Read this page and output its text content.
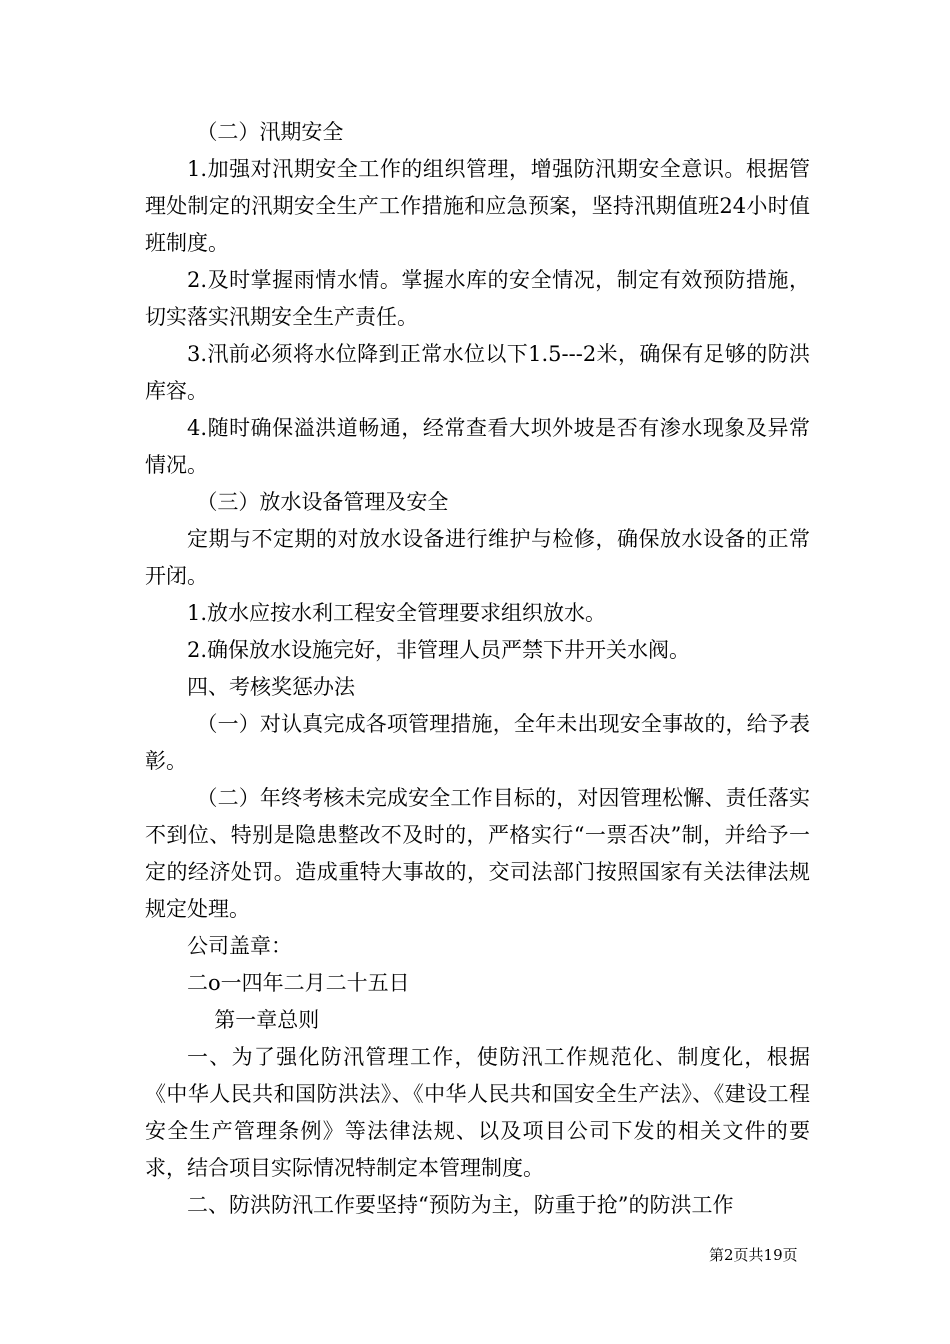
（二）汛期安全

1.加强对汛期安全工作的组织管理，增强防汛期安全意识。根据管理处制定的汛期安全生产工作措施和应急预案，坚持汛期值班24小时值班制度。

2.及时掌握雨情水情。掌握水库的安全情况，制定有效预防措施，切实落实汛期安全生产责任。

3.汛前必须将水位降到正常水位以下1.5---2米，确保有足够的防洪库容。

4.随时确保溢洪道畅通，经常查看大坝外坡是否有渗水现象及异常情况。

（三）放水设备管理及安全

定期与不定期的对放水设备进行维护与检修，确保放水设备的正常开闭。

1.放水应按水利工程安全管理要求组织放水。

2.确保放水设施完好，非管理人员严禁下井开关水阀。

四、考核奖惩办法

（一）对认真完成各项管理措施，全年未出现安全事故的，给予表彰。

（二）年终考核未完成安全工作目标的，对因管理松懈、责任落实不到位、特别是隐患整改不及时的，严格实行“一票否决”制，并给予一定的经济处罚。造成重特大事故的，交司法部门按照国家有关法律法规规定处理。

公司盖章：

二o一四年二月二十五日

第一章总则

一、为了强化防汛管理工作，使防汛工作规范化、制度化，根据《中华人民共和国防洪法》、《中华人民共和国安全生产法》、《建设工程安全生产管理条例》等法律法规、以及项目公司下发的相关文件的要求，结合项目实际情况特制定本管理制度。

二、防洪防汛工作要坚持“预防为主，防重于抢”的防洪工作

第2页共19页
